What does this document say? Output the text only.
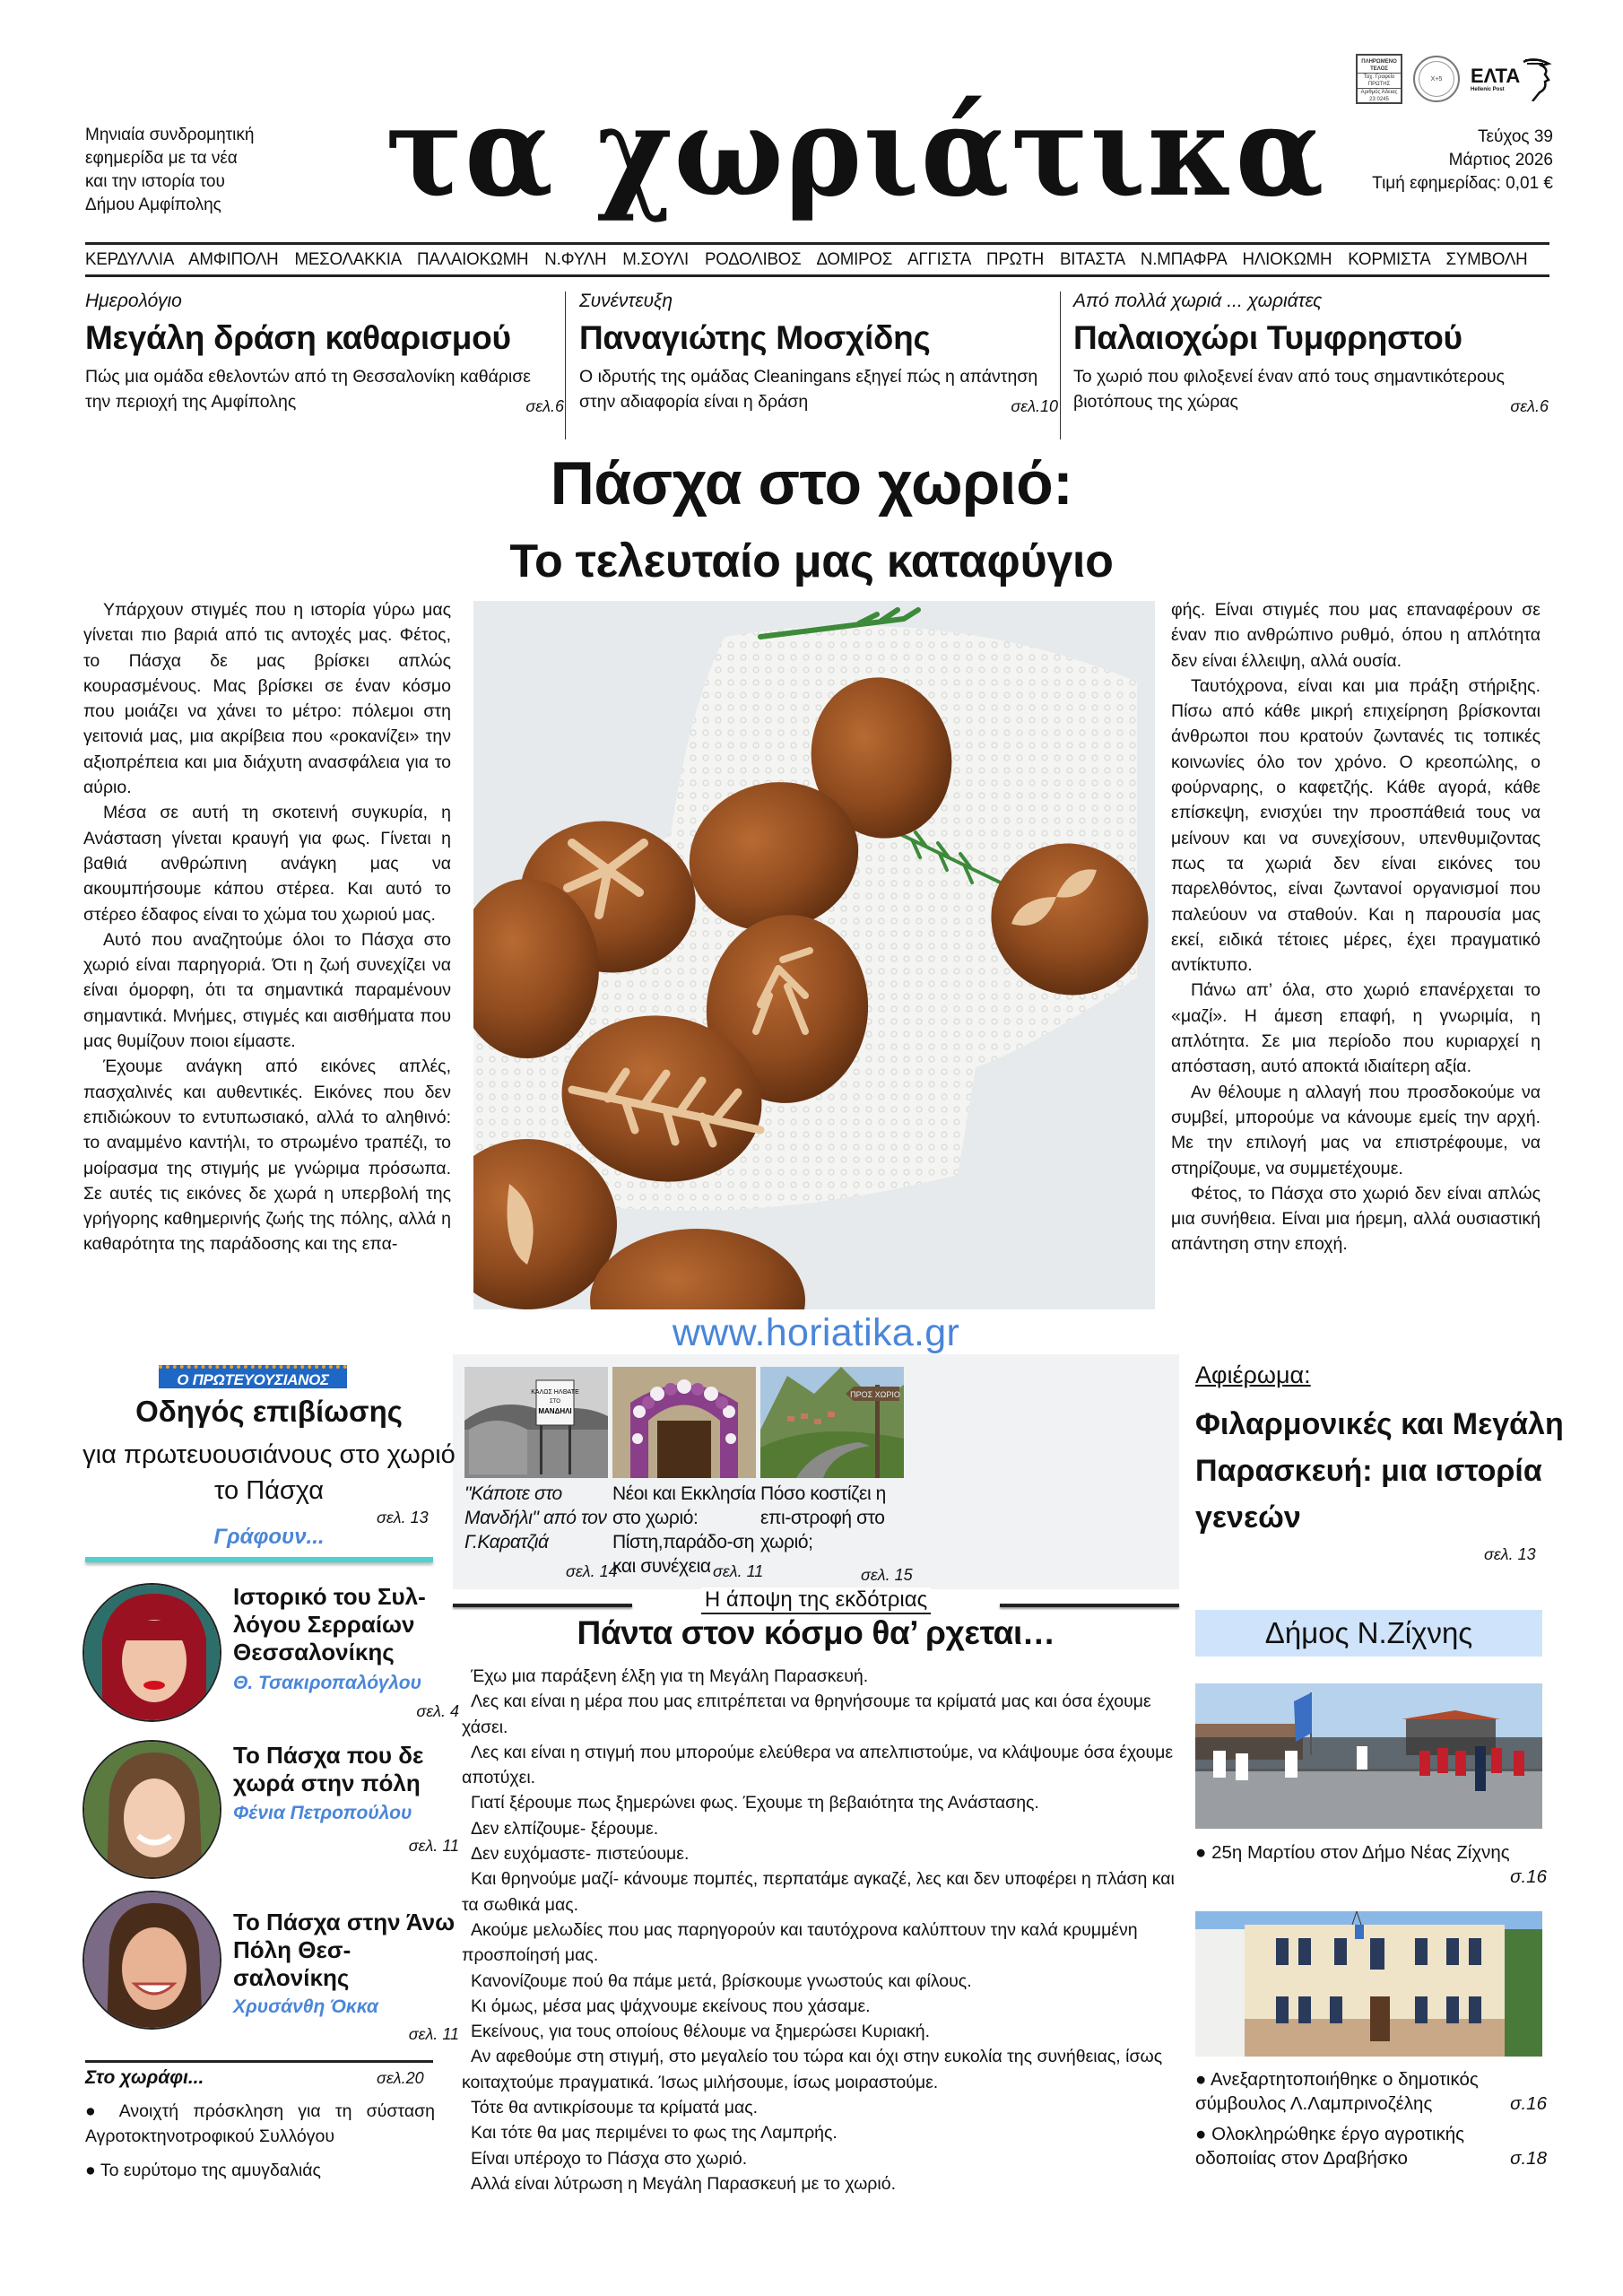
Μηνιαία συνδρομητική
εφημερίδα με τα νέα
και την ιστορία του
Δήμου Αμφίπολης	τα χωριάτικα
ΠΛΗΡΩΜΕΝΟ
ΤΕΛΟΣ
Ταχ. Γραφείο
ΠΡΩΤΗΣ
Αριθμός Άδειας
23 0245
Χ+5 ΕΛΤΑ
Hellenic Post
Τεύχος 39
Μάρτιος 2026
Τιμή εφημερίδας: 0,01 €
ΚΕΡΔΥΛΛΙΑ ΑΜΦΙΠΟΛΗ ΜΕΣΟΛΑΚΚΙΑ ΠΑΛΑΙΟΚΩΜΗ Ν.ΦΥΛΗ Μ.ΣΟΥΛΙ ΡΟΔΟΛΙΒΟΣ ΔΟΜΙΡΟΣ ΑΓΓΙΣΤΑ ΠΡΩΤΗ ΒΙΤΑΣΤΑ Ν.ΜΠΑΦΡΑ ΗΛΙΟΚΩΜΗ ΚΟΡΜΙΣΤΑ ΣΥΜΒΟΛΗ
Ημερολόγιο
Μεγάλη δράση καθαρισμού
Πώς μια ομάδα εθελοντών από τη Θεσσαλονίκη καθάρισε την περιοχή της Αμφίπολης	σελ.6
Συνέντευξη
Παναγιώτης Μοσχίδης
Ο ιδρυτής της ομάδας Cleaningans εξηγεί πώς η απάντηση στην αδιαφορία είναι η δράση	σελ.10
Από πολλά χωριά ... χωριάτες
Παλαιοχώρι Τυμφρηστού
Το χωριό που φιλοξενεί έναν από τους σημαντικότερους βιοτόπους της χώρας	σελ.6
Πάσχα στο χωριό:
Το τελευταίο μας καταφύγιο

Υπάρχουν στιγμές που η ιστορία γύρω μας γίνεται πιο βαριά από τις αντοχές μας. Φέτος, το Πάσχα δε μας βρίσκει απλώς κουρασμένους. Μας βρίσκει σε έναν κόσμο που μοιάζει να χάνει το μέτρο: πόλεμοι στη γειτονιά μας, μια ακρίβεια που «ροκανίζει» την αξιοπρέπεια και μια διάχυτη ανασφάλεια για το αύριο.

Μέσα σε αυτή τη σκοτεινή συγκυρία, η Ανάσταση γίνεται κραυγή για φως. Γίνεται η βαθιά ανθρώπινη ανάγκη μας να ακουμπήσουμε κάπου στέρεα. Και αυτό το στέρεο έδαφος είναι το χώμα του χωριού μας.

Αυτό που αναζητούμε όλοι το Πάσχα στο χωριό είναι παρηγοριά. Ότι η ζωή συνεχίζει να είναι όμορφη, ότι τα σημαντικά παραμένουν σημαντικά. Μνήμες, στιγμές και αισθήματα που μας θυμίζουν ποιοι είμαστε.

Έχουμε ανάγκη από εικόνες απλές, πασχαλινές και αυθεντικές. Εικόνες που δεν επιδιώκουν το εντυπωσιακό, αλλά το αληθινό: το αναμμένο καντήλι, το στρωμένο τραπέζι, το μοίρασμα της στιγμής με γνώριμα πρόσωπα. Σε αυτές τις εικόνες δε χωρά η υπερβολή της γρήγορης καθημερινής ζωής της πόλης, αλλά η καθαρότητα της παράδοσης και της επα-

φής. Είναι στιγμές που μας επαναφέρουν σε έναν πιο ανθρώπινο ρυθμό, όπου η απλότητα δεν είναι έλλειψη, αλλά ουσία.

Ταυτόχρονα, είναι και μια πράξη στήριξης. Πίσω από κάθε μικρή επιχείρηση βρίσκονται άνθρωποι που κρατούν ζωντανές τις τοπικές κοινωνίες όλο τον χρόνο. Ο κρεοπώλης, ο φούρναρης, ο καφετζής. Κάθε αγορά, κάθε επίσκεψη, ενισχύει την προσπάθειά τους να μείνουν και να συνεχίσουν, υπενθυμιζοντας πως τα χωριά δεν είναι εικόνες του παρελθόντος, είναι ζωντανοί οργανισμοί που παλεύουν να σταθούν. Και η παρουσία μας εκεί, ειδικά τέτοιες μέρες, έχει πραγματικό αντίκτυπο.

Πάνω απ’ όλα, στο χωριό επανέρχεται το «μαζί». Η άμεση επαφή, η γνωριμία, η απλότητα. Σε μια περίοδο που κυριαρχεί η απόσταση, αυτό αποκτά ιδιαίτερη αξία.

Αν θέλουμε η αλλαγή που προσδοκούμε να συμβεί, μπορούμε να κάνουμε εμείς την αρχή. Με την επιλογή μας να επιστρέφουμε, να στηρίζουμε, να συμμετέχουμε.

Φέτος, το Πάσχα στο χωριό δεν είναι απλώς μια συνήθεια. Είναι μια ήρεμη, αλλά ουσιαστική απάντηση στην εποχή.

www.horiatika.gr
ΚΑΛΩΣ ΗΛΘΑΤΕ
ΣΤΟ
ΜΑΝΔΗΛΙ
"Κάποτε στο Μανδήλι" από τον Γ.Καρατζιά
σελ. 14
Νέοι και Εκκλησία στο χωριό: Πίστη,παράδο-ση και συνέχεια σελ. 11
ΠΡΟΣ ΧΩΡΙΟ
Πόσο κοστίζει η επι-στροφή στο χωριό;
σελ. 15
Η άποψη της εκδότριας
Πάντα στον κόσμο θα’ ρχεται…

Έχω μια παράξενη έλξη για τη Μεγάλη Παρασκευή.

Λες και είναι η μέρα που μας επιτρέπεται να θρηνήσουμε τα κρίματά μας και όσα έχουμε χάσει.

Λες και είναι η στιγμή που μπορούμε ελεύθερα να απελπιστούμε, να κλάψουμε όσα έχουμε αποτύχει.

Γιατί ξέρουμε πως ξημερώνει φως. Έχουμε τη βεβαιότητα της Ανάστασης.

Δεν ελπίζουμε- ξέρουμε.

Δεν ευχόμαστε- πιστεύουμε.

Και θρηνούμε μαζί- κάνουμε πομπές, περπατάμε αγκαζέ, λες και δεν υποφέρει η πλάση και τα σωθικά μας.

Ακούμε μελωδίες που μας παρηγορούν και ταυτόχρονα καλύπτουν την καλά κρυμμένη προσποίησή μας.

Κανονίζουμε πού θα πάμε μετά, βρίσκουμε γνωστούς και φίλους.

Κι όμως, μέσα μας ψάχνουμε εκείνους που χάσαμε.

Εκείνους, για τους οποίους θέλουμε να ξημερώσει Κυριακή.

Αν αφεθούμε στη στιγμή, στο μεγαλείο του τώρα και όχι στην ευκολία της συνήθειας, ίσως κοιταχτούμε πραγματικά. Ίσως μιλήσουμε, ίσως μοιραστούμε.

Τότε θα αντικρίσουμε τα κρίματά μας.

Και τότε θα μας περιμένει το φως της Λαμπρής.

Είναι υπέροχο το Πάσχα στο χωριό.

Αλλά είναι λύτρωση η Μεγάλη Παρασκευή με το χωριό.

Ο ΠΡΩΤΕΥΟΥΣΙΑΝΟΣ
Οδηγός επιβίωσης
για πρωτευουσιάνους στο χωριό το Πάσχα
σελ. 13
Γράφουν...
Ιστορικό του Συλ-λόγου Σερραίων Θεσσαλονίκης
Θ. Τσακιροπαλόγλου
σελ. 4
Το Πάσχα που δε χωρά στην πόλη
Φένια Πετροπούλου
σελ. 11
Το Πάσχα στην Άνω Πόλη Θεσ-σαλονίκης
Χρυσάνθη Όκκα
σελ. 11
Στο χωράφι...	σελ.20
● Ανοιχτή πρόσκληση για τη σύσταση Αγροτοκτηνοτροφικού Συλλόγου
● Το ευρύτομο της αμυγδαλιάς
Αφιέρωμα:
Φιλαρμονικές και Μεγάλη Παρασκευή: μια ιστορία γενεών
σελ. 13
Δήμος Ν.Ζίχνης
σ.16
● 25η Μαρτίου στον Δήμο Νέας Ζίχνης
σ.16
● Ανεξαρτητοποιήθηκε ο δημοτικός σύμβουλος Λ.Λαμπρινοζέλης
σ.18
● Ολοκληρώθηκε έργο αγροτικής οδοποιίας στον Δραβήσκο
